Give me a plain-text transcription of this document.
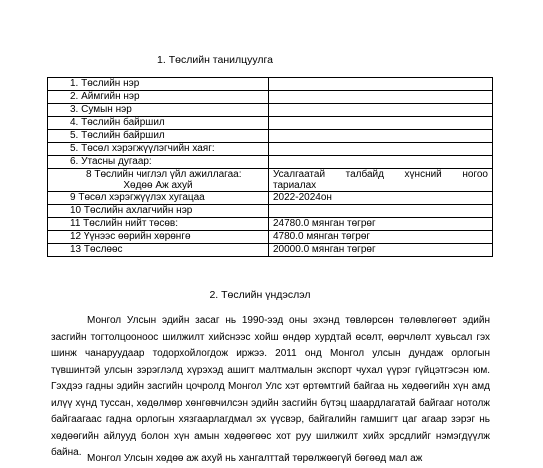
1. Төслийн танилцуулга
1. Төслийн нэр	

2. Аймгийн нэр	

3. Сумын нэр	

4. Төслийн байршил	

5. Төслийн байршил	

5. Төсөл хэрэгжүүлэгчийн хаяг:	

6. Утасны дугаар:	

8 Төслийн чиглэл үйл ажиллагаа:
Хөдөө Аж ахуй	Усалгаатай талбайд хүнсний ногоо
тариалах

9 Төсөл хэрэгжүүлэх хугацаа	2022-2024он

10 Төслийн ахлагчийн нэр	

11 Төслийн нийт төсөв:	24780.0 мянган төгрөг

12 Үүнээс өөрийн хөрөнгө	4780.0 мянган төгрөг

13 Төслөөс	20000.0 мянган төгрөг
2. Төслийн үндэслэл

Монгол Улсын эдийн засаг нь 1990-ээд оны эхэнд төвлөрсөн төлөвлөгөөт эдийн засгийн тогтолцооноос шилжилт хийснээс хойш өндөр хурдтай өсөлт, өөрчлөлт хувьсал гэх шинж чанаруудаар тодорхойлогдож иржээ. 2011 онд Монгол улсын дундаж орлогын түвшинтэй улсын зэрэглэлд хүрэхэд ашигт малтмалын экспорт чухал үүрэг гүйцэтгэсэн юм. Гэхдээ гадны эдийн засгийн цочролд Монгол Улс хэт өртөмтгий байгаа нь хөдөөгийн хүн амд илүү хүнд туссан, хөдөлмөр хөнгөвчилсэн эдийн засгийн бүтэц шаардлагатай байгааг нотолж байгаагаас гадна орлогын хязгаарлагдмал эх үүсвэр, байгалийн гамшигт цаг агаар зэрэг нь хөдөөгийн айлууд болон хүн амын хөдөөгөөс хот руу шилжилт хийх эрсдлийг нэмэгдүүлж байна.

Монгол Улсын хөдөө аж ахуй нь хангалттай төрөлжөөгүй бөгөөд мал аж
